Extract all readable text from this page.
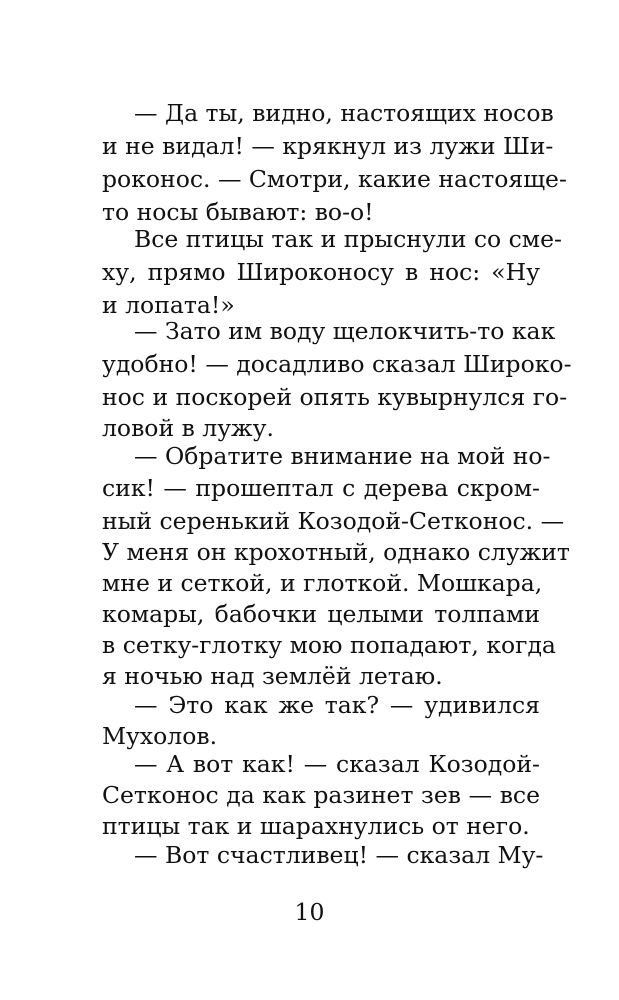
— Да ты, видно, настоящих носов

и не видал! — крякнул из лужи Ши-

роконос. — Смотри, какие настояще-

то носы бывают: во-о!

Все птицы так и прыснули со сме-

ху, прямо Широконосу в нос: «Ну

и лопата!»

— Зато им воду щелокчить-то как

удобно! — досадливо сказал Широко-

нос и поскорей опять кувырнулся го-

ловой в лужу.

— Обратите внимание на мой но-

сик! — прошептал с дерева скром-

ный серенький Козодой-Сетконос. —

У меня он крохотный, однако служит

мне и сеткой, и глоткой. Мошкара,

комары, бабочки целыми толпами

в сетку-глотку мою попадают, когда

я ночью над землёй летаю.

— Это как же так? — удивился

Мухолов.

— А вот как! — сказал Козодой-

Сетконос да как разинет зев — все

птицы так и шарахнулись от него.

— Вот счастливец! — сказал Му-

10
